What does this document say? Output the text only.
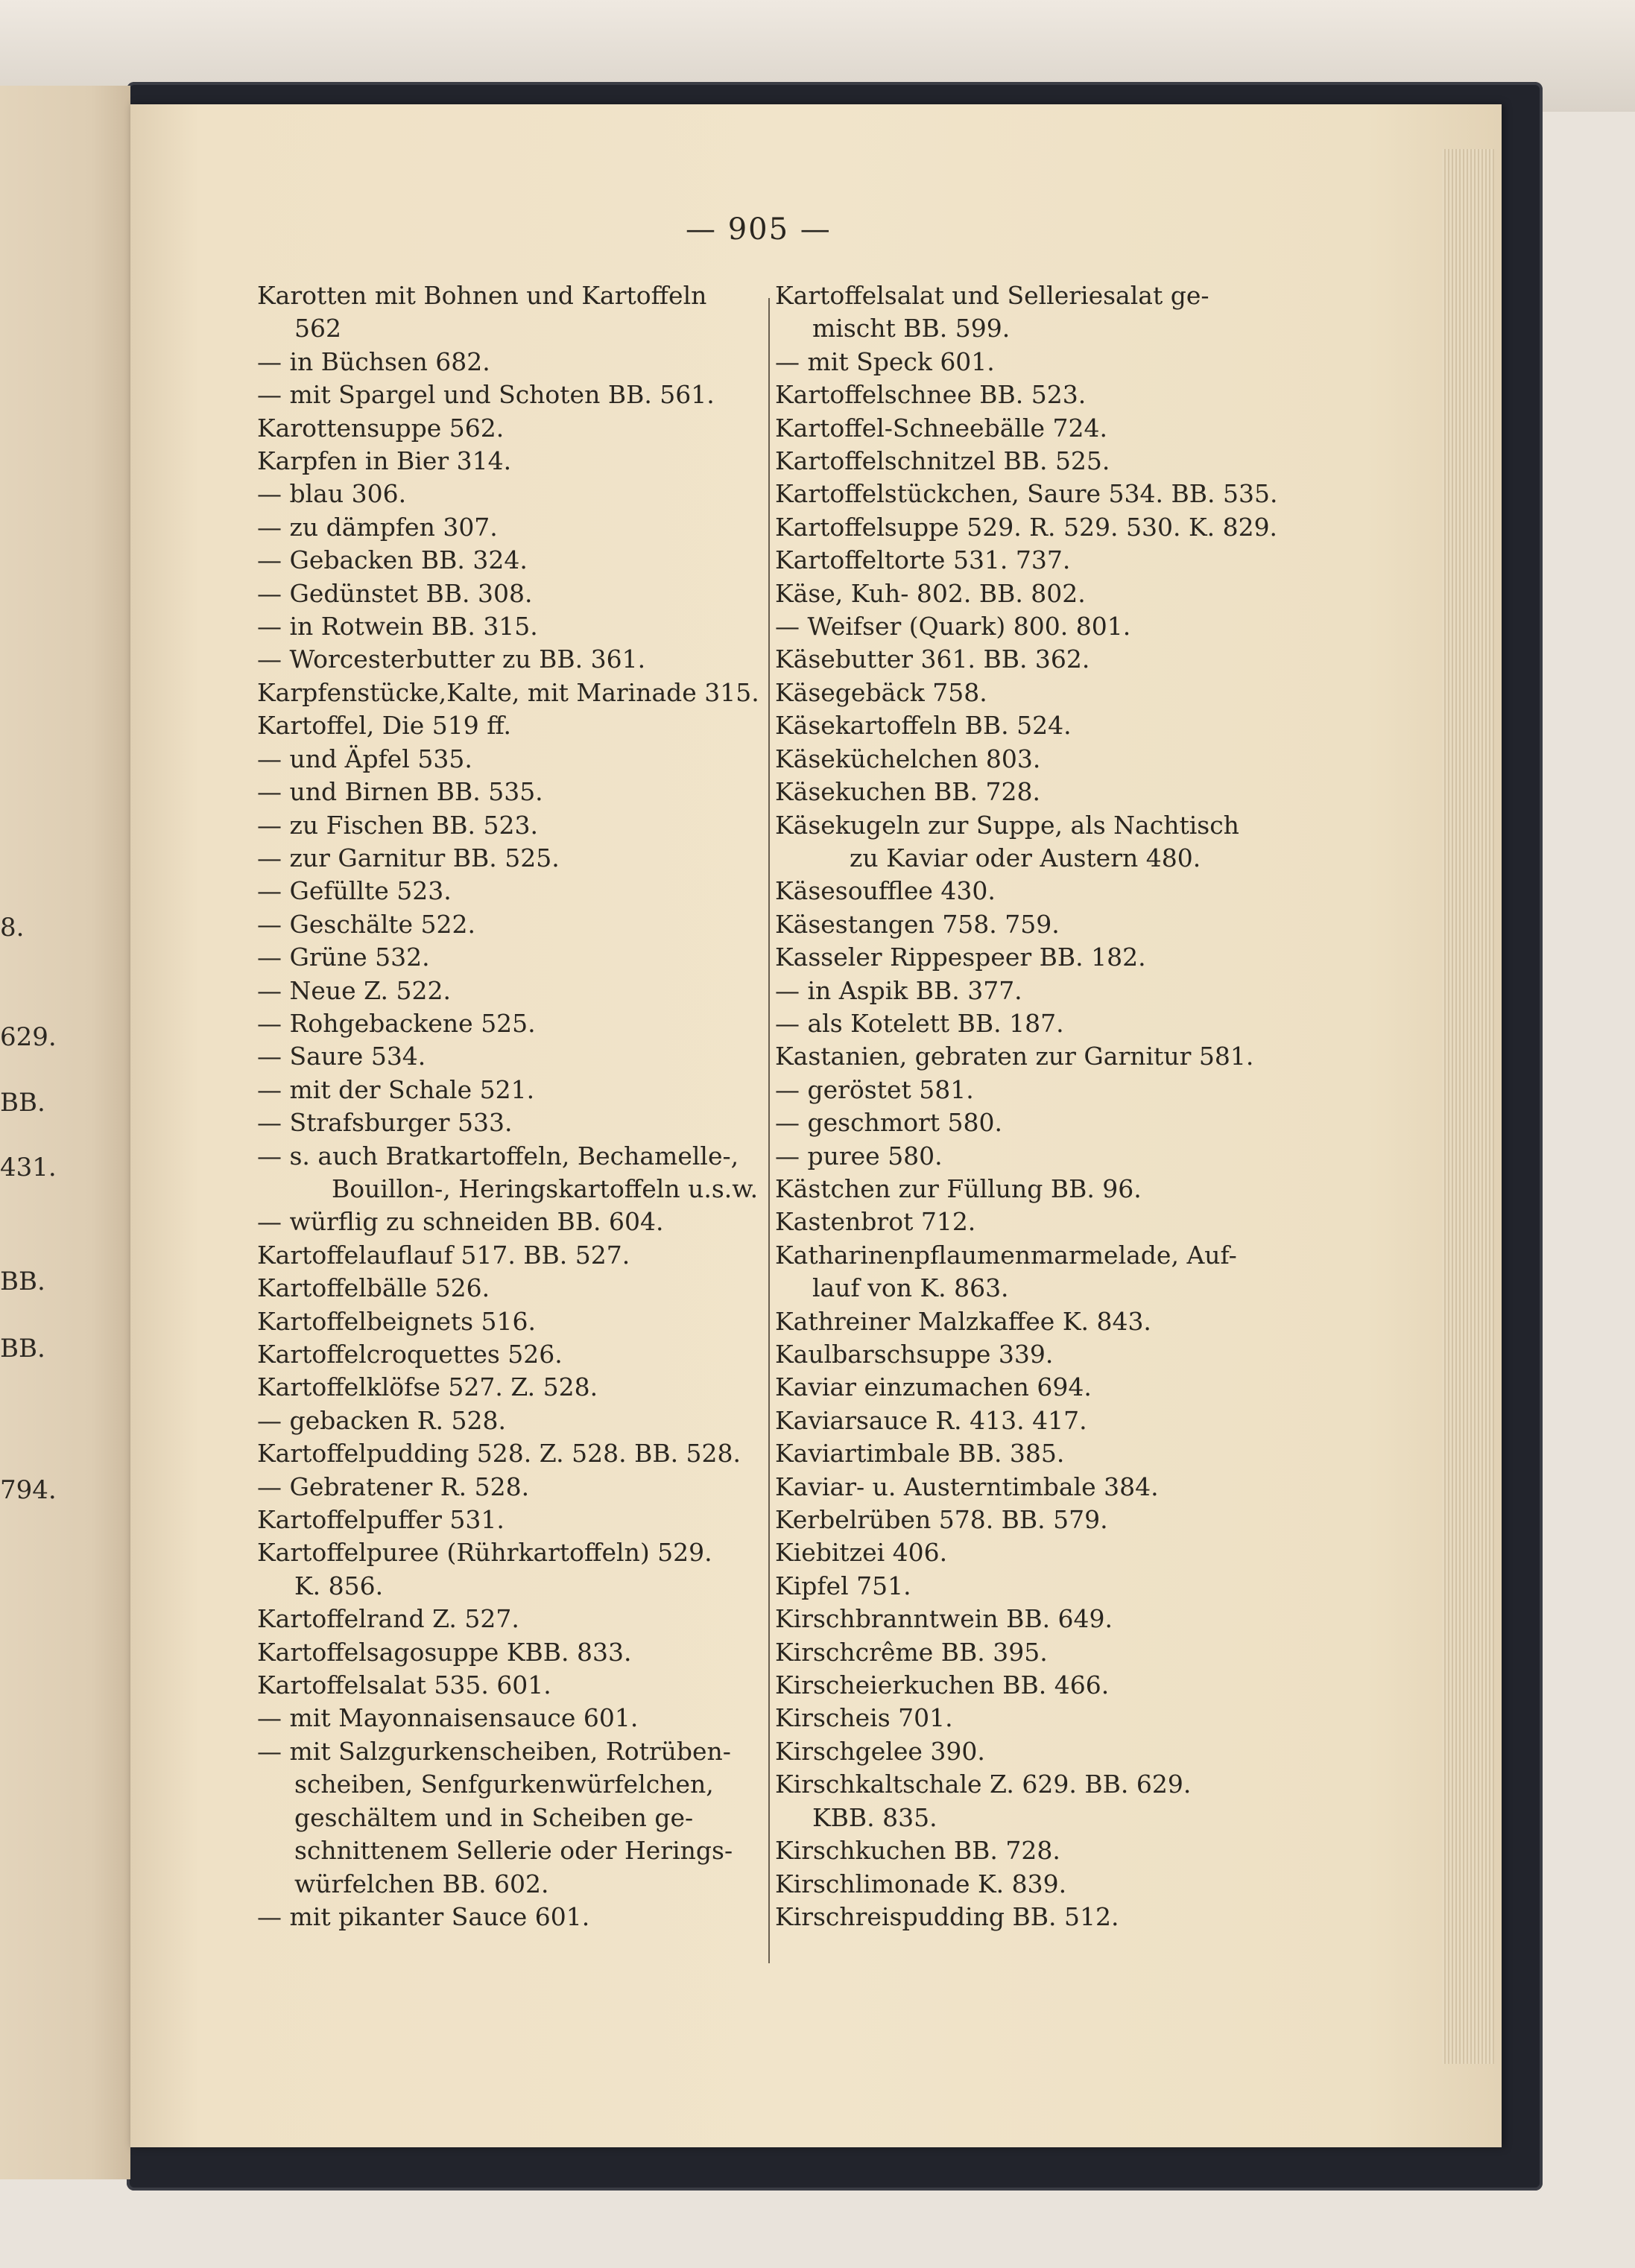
8.
629.
BB.
431.
BB.
BB.
794.
— 905 —
Karotten mit Bohnen und Kartoffeln
562
— in Büchsen 682.
— mit Spargel und Schoten BB. 561.
Karottensuppe 562.
Karpfen in Bier 314.
— blau 306.
— zu dämpfen 307.
— Gebacken BB. 324.
— Gedünstet BB. 308.
— in Rotwein BB. 315.
— Worcesterbutter zu BB. 361.
Karpfenstücke,Kalte, mit Marinade 315.
Kartoffel, Die 519 ff.
— und Äpfel 535.
— und Birnen BB. 535.
— zu Fischen BB. 523.
— zur Garnitur BB. 525.
— Gefüllte 523.
— Geschälte 522.
— Grüne 532.
— Neue Z. 522.
— Rohgebackene 525.
— Saure 534.
— mit der Schale 521.
— Strafsburger 533.
— s. auch Bratkartoffeln, Bechamelle-,
Bouillon-, Heringskartoffeln u.s.w.
— würflig zu schneiden BB. 604.
Kartoffelauflauf 517. BB. 527.
Kartoffelbälle 526.
Kartoffelbeignets 516.
Kartoffelcroquettes 526.
Kartoffelklöfse 527. Z. 528.
— gebacken R. 528.
Kartoffelpudding 528. Z. 528. BB. 528.
— Gebratener R. 528.
Kartoffelpuffer 531.
Kartoffelpuree (Rührkartoffeln) 529.
K. 856.
Kartoffelrand Z. 527.
Kartoffelsagosuppe KBB. 833.
Kartoffelsalat 535. 601.
— mit Mayonnaisensauce 601.
— mit Salzgurkenscheiben, Rotrüben-
scheiben, Senfgurkenwürfelchen,
geschältem und in Scheiben ge-
schnittenem Sellerie oder Herings-
würfelchen BB. 602.
— mit pikanter Sauce 601.
Kartoffelsalat und Selleriesalat ge-
mischt BB. 599.
— mit Speck 601.
Kartoffelschnee BB. 523.
Kartoffel-Schneebälle 724.
Kartoffelschnitzel BB. 525.
Kartoffelstückchen, Saure 534. BB. 535.
Kartoffelsuppe 529. R. 529. 530. K. 829.
Kartoffeltorte 531. 737.
Käse, Kuh- 802. BB. 802.
— Weifser (Quark) 800. 801.
Käsebutter 361. BB. 362.
Käsegebäck 758.
Käsekartoffeln BB. 524.
Käseküchelchen 803.
Käsekuchen BB. 728.
Käsekugeln zur Suppe, als Nachtisch
zu Kaviar oder Austern 480.
Käsesoufflee 430.
Käsestangen 758. 759.
Kasseler Rippespeer BB. 182.
— in Aspik BB. 377.
— als Kotelett BB. 187.
Kastanien, gebraten zur Garnitur 581.
— geröstet 581.
— geschmort 580.
— puree 580.
Kästchen zur Füllung BB. 96.
Kastenbrot 712.
Katharinenpflaumenmarmelade, Auf-
lauf von K. 863.
Kathreiner Malzkaffee K. 843.
Kaulbarschsuppe 339.
Kaviar einzumachen 694.
Kaviarsauce R. 413. 417.
Kaviartimbale BB. 385.
Kaviar- u. Austerntimbale 384.
Kerbelrüben 578. BB. 579.
Kiebitzei 406.
Kipfel 751.
Kirschbranntwein BB. 649.
Kirschcrême BB. 395.
Kirscheierkuchen BB. 466.
Kirscheis 701.
Kirschgelee 390.
Kirschkaltschale Z. 629. BB. 629.
KBB. 835.
Kirschkuchen BB. 728.
Kirschlimonade K. 839.
Kirschreispudding BB. 512.
